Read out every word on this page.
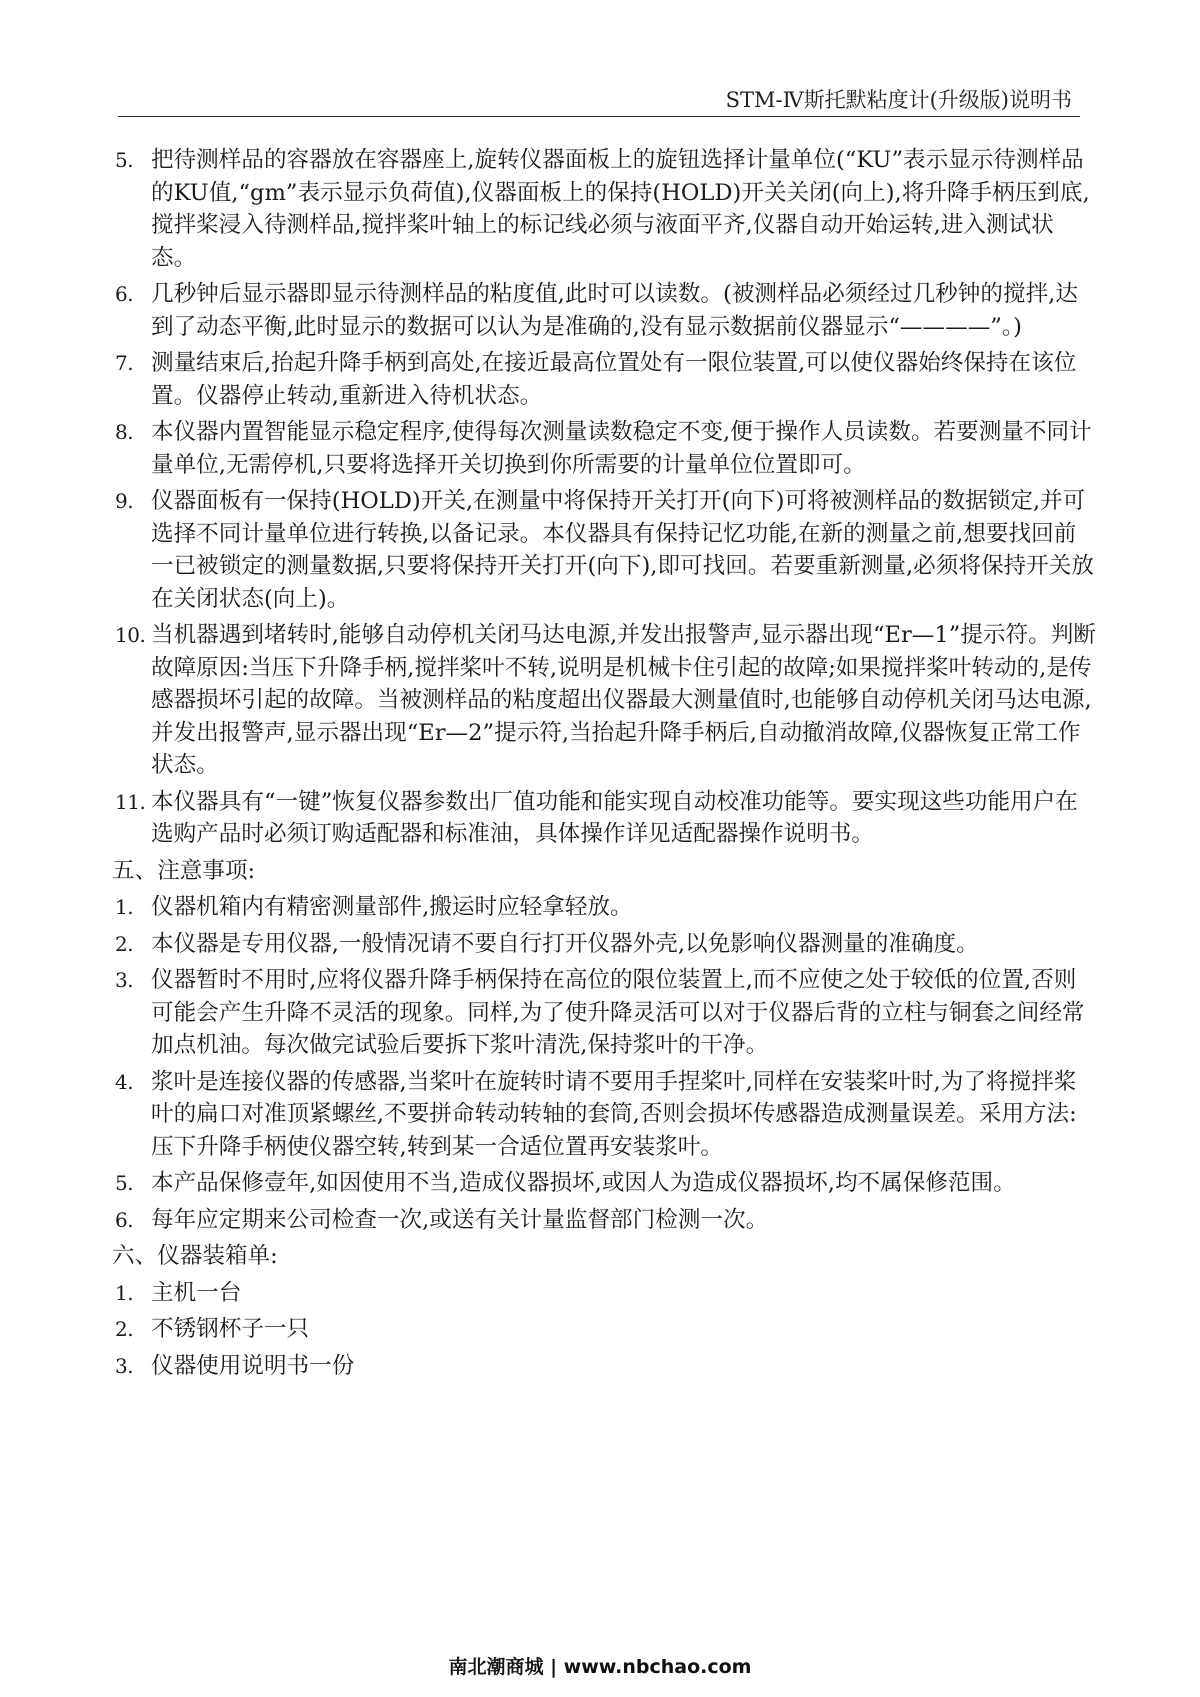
STM-Ⅳ斯托默粘度计(升级版)说明书
5. 把待测样品的容器放在容器座上,旋转仪器面板上的旋钮选择计量单位(“KU”表示显示待测样品的KU值,“gm”表示显示负荷值),仪器面板上的保持(HOLD)开关关闭(向上),将升降手柄压到底,搅拌桨浸入待测样品,搅拌桨叶轴上的标记线必须与液面平齐,仪器自动开始运转,进入测试状态。
6. 几秒钟后显示器即显示待测样品的粘度值,此时可以读数。(被测样品必须经过几秒钟的搅拌,达到了动态平衡,此时显示的数据可以认为是准确的,没有显示数据前仪器显示“————”。)
7. 测量结束后,抬起升降手柄到高处,在接近最高位置处有一限位装置,可以使仪器始终保持在该位置。仪器停止转动,重新进入待机状态。
8. 本仪器内置智能显示稳定程序,使得每次测量读数稳定不变,便于操作人员读数。若要测量不同计量单位,无需停机,只要将选择开关切换到你所需要的计量单位位置即可。
9. 仪器面板有一保持(HOLD)开关,在测量中将保持开关打开(向下)可将被测样品的数据锁定,并可选择不同计量单位进行转换,以备记录。本仪器具有保持记忆功能,在新的测量之前,想要找回前一已被锁定的测量数据,只要将保持开关打开(向下),即可找回。若要重新测量,必须将保持开关放在关闭状态(向上)。
10. 当机器遇到堵转时,能够自动停机关闭马达电源,并发出报警声,显示器出现“Er—1”提示符。判断故障原因:当压下升降手柄,搅拌桨叶不转,说明是机械卡住引起的故障;如果搅拌桨叶转动的,是传感器损坏引起的故障。当被测样品的粘度超出仪器最大测量值时,也能够自动停机关闭马达电源,并发出报警声,显示器出现“Er—2”提示符,当抬起升降手柄后,自动撤消故障,仪器恢复正常工作状态。
11. 本仪器具有“一键”恢复仪器参数出厂值功能和能实现自动校准功能等。要实现这些功能用户在选购产品时必须订购适配器和标准油，具体操作详见适配器操作说明书。
五、注意事项:
1. 仪器机箱内有精密测量部件,搬运时应轻拿轻放。
2. 本仪器是专用仪器,一般情况请不要自行打开仪器外壳,以免影响仪器测量的准确度。
3. 仪器暂时不用时,应将仪器升降手柄保持在高位的限位装置上,而不应使之处于较低的位置,否则可能会产生升降不灵活的现象。同样,为了使升降灵活可以对于仪器后背的立柱与铜套之间经常加点机油。每次做完试验后要拆下浆叶清洗,保持浆叶的干净。
4. 浆叶是连接仪器的传感器,当桨叶在旋转时请不要用手捏桨叶,同样在安装桨叶时,为了将搅拌桨叶的扁口对准顶紧螺丝,不要拼命转动转轴的套筒,否则会损坏传感器造成测量误差。采用方法: 压下升降手柄使仪器空转,转到某一合适位置再安装浆叶。
5. 本产品保修壹年,如因使用不当,造成仪器损坏,或因人为造成仪器损坏,均不属保修范围。
6. 每年应定期来公司检查一次,或送有关计量监督部门检测一次。
六、仪器装箱单:
1. 主机一台
2. 不锈钢杯子一只
3. 仪器使用说明书一份
南北潮商城 | www.nbchao.com
